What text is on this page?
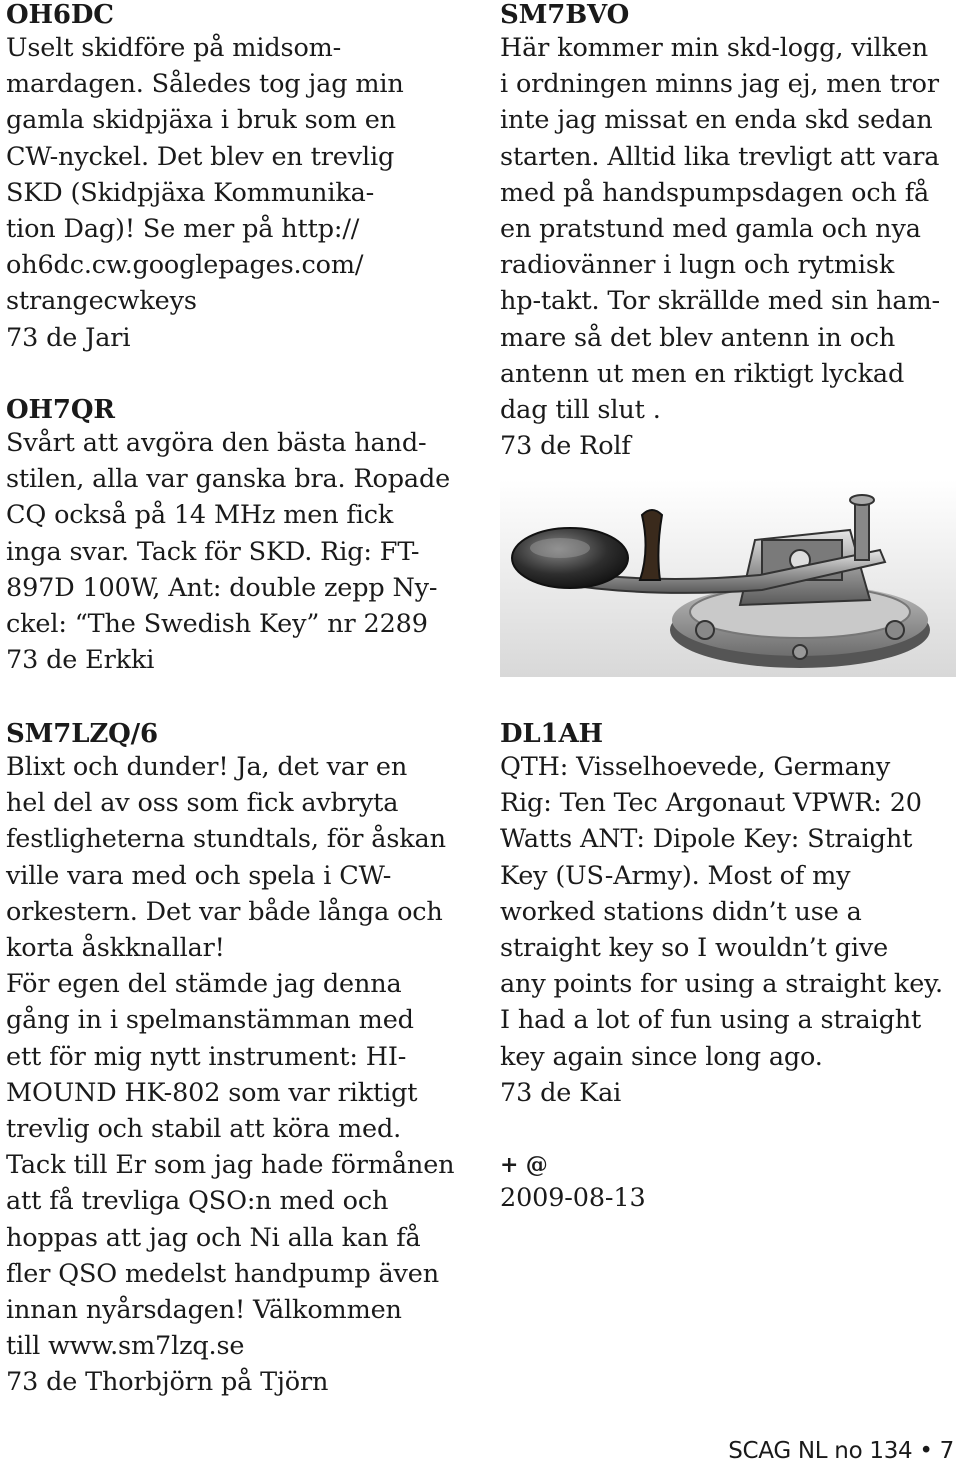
OH6DC
Uselt skidföre på midsom-
mardagen. Således tog jag min
gamla skidpjäxa i bruk som en
CW-nyckel. Det blev en trevlig
SKD (Skidpjäxa Kommunika-
tion Dag)! Se mer på http://
oh6dc.cw.googlepages.com/
strangecwkeys
73 de Jari
OH7QR
Svårt att avgöra den bästa hand-
stilen, alla var ganska bra. Ropade
CQ också på 14 MHz men fick
inga svar. Tack för SKD. Rig: FT-
897D 100W, Ant: double zepp Ny-
ckel: “The Swedish Key” nr 2289
73 de Erkki
SM7LZQ/6
Blixt och dunder! Ja, det var en
hel del av oss som fick avbryta
festligheterna stundtals, för åskan
ville vara med och spela i CW-
orkestern. Det var både långa och
korta åskknallar!
För egen del stämde jag denna
gång in i spelmanstämman med
ett för mig nytt instrument: HI-
MOUND HK-802 som var riktigt
trevlig och stabil att köra med.
Tack till Er som jag hade förmånen
att få trevliga QSO:n med och
hoppas att jag och Ni alla kan få
fler QSO medelst handpump även
innan nyårsdagen! Välkommen
till www.sm7lzq.se
73 de Thorbjörn på Tjörn
SM7BVO
Här kommer min skd-logg, vilken
i ordningen minns jag ej, men tror
inte jag missat en enda skd sedan
starten. Alltid lika trevligt att vara
med på handspumpsdagen och få
en pratstund med gamla och nya
radiovänner i lugn och rytmisk
hp-takt. Tor skrällde med sin ham-
mare så det blev antenn in och
antenn ut men en riktigt lyckad
dag till slut .
73 de Rolf
DL1AH
QTH: Visselhoevede, Germany
Rig: Ten Tec Argonaut VPWR: 20
Watts ANT: Dipole Key: Straight
Key (US-Army). Most of my
worked stations didn’t use a
straight key so I wouldn’t give
any points for using a straight key.
I had a lot of fun using a straight
key again since long ago.
73 de Kai
+ @
2009-08-13
SCAG NL no 134 • 7
